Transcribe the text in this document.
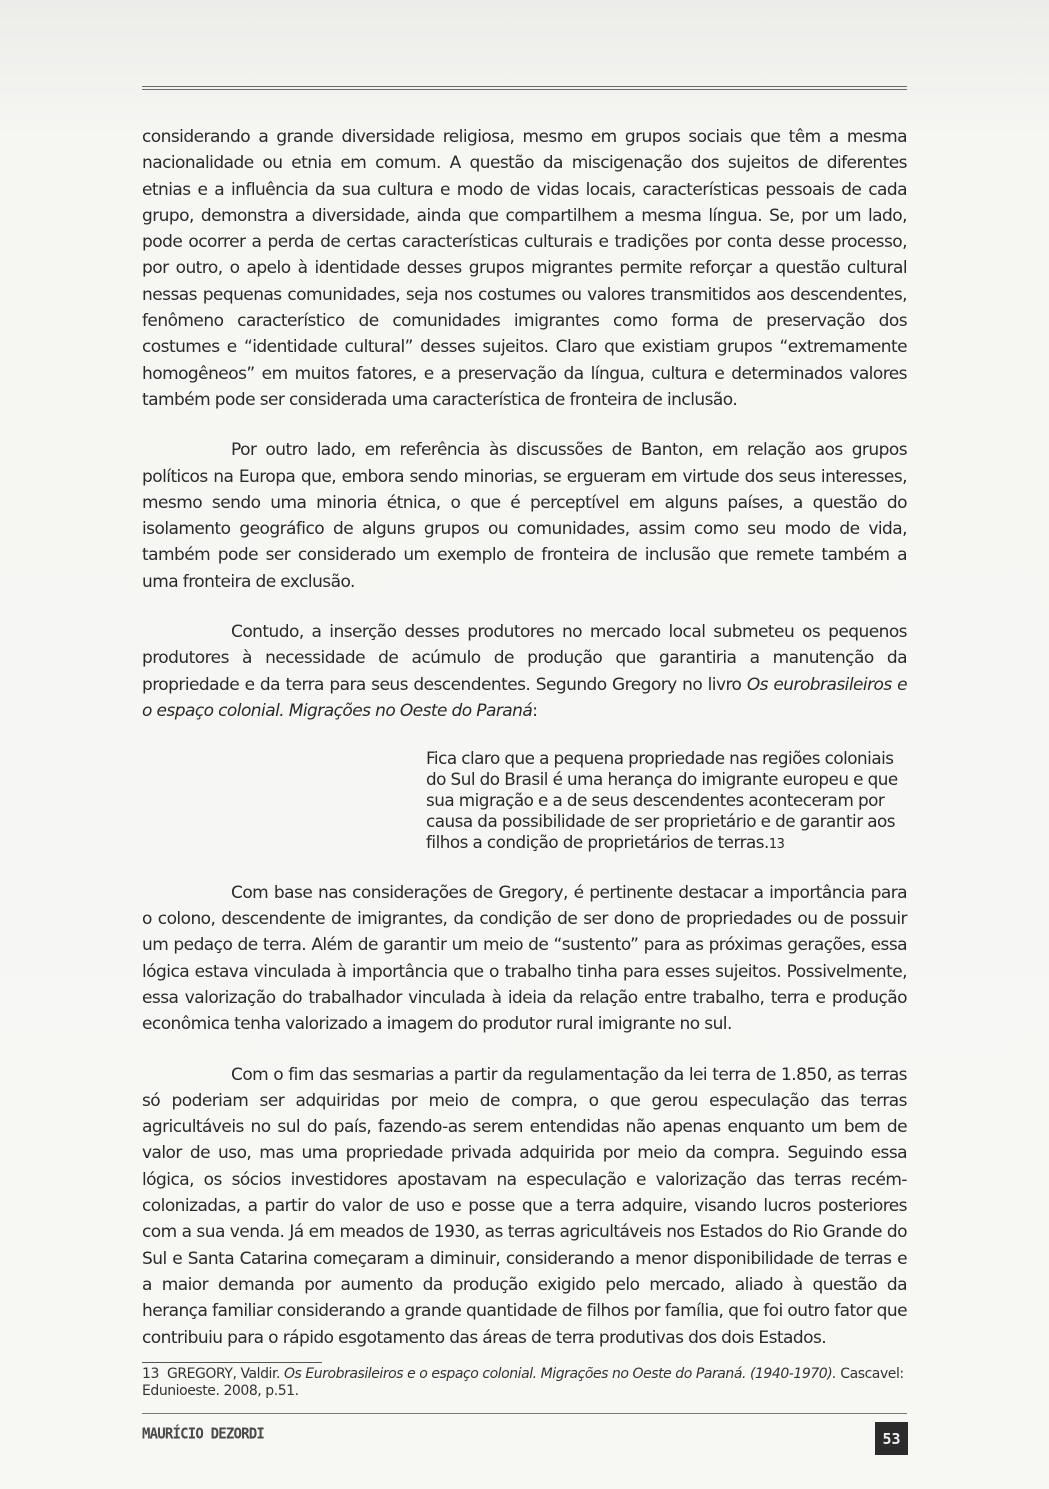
considerando a grande diversidade religiosa, mesmo em grupos sociais que têm a mesma nacionalidade ou etnia em comum. A questão da miscigenação dos sujeitos de diferentes etnias e a influência da sua cultura e modo de vidas locais, características pessoais de cada grupo, demonstra a diversidade, ainda que compartilhem a mesma língua. Se, por um lado, pode ocorrer a perda de certas características culturais e tradições por conta desse processo, por outro, o apelo à identidade desses grupos migrantes permite reforçar a questão cultural nessas pequenas comunidades, seja nos costumes ou valores transmitidos aos descendentes, fenômeno característico de comunidades imigrantes como forma de preservação dos costumes e “identidade cultural” desses sujeitos. Claro que existiam grupos “extremamente homogêneos” em muitos fatores, e a preservação da língua, cultura e determinados valores também pode ser considerada uma característica de fronteira de inclusão.

Por outro lado, em referência às discussões de Banton, em relação aos grupos políticos na Europa que, embora sendo minorias, se ergueram em virtude dos seus interesses, mesmo sendo uma minoria étnica, o que é perceptível em alguns países, a questão do isolamento geográfico de alguns grupos ou comunidades, assim como seu modo de vida, também pode ser considerado um exemplo de fronteira de inclusão que remete também a uma fronteira de exclusão.

Contudo, a inserção desses produtores no mercado local submeteu os pequenos produtores à necessidade de acúmulo de produção que garantiria a manutenção da propriedade e da terra para seus descendentes. Segundo Gregory no livro Os eurobrasileiros e o espaço colonial. Migrações no Oeste do Paraná:

Fica claro que a pequena propriedade nas regiões coloniais do Sul do Brasil é uma herança do imigrante europeu e que sua migração e a de seus descendentes aconteceram por causa da possibilidade de ser proprietário e de garantir aos filhos a condição de proprietários de terras.13

Com base nas considerações de Gregory, é pertinente destacar a importância para o colono, descendente de imigrantes, da condição de ser dono de propriedades ou de possuir um pedaço de terra. Além de garantir um meio de “sustento” para as próximas gerações, essa lógica estava vinculada à importância que o trabalho tinha para esses sujeitos. Possivelmente, essa valorização do trabalhador vinculada à ideia da relação entre trabalho, terra e produção econômica tenha valorizado a imagem do produtor rural imigrante no sul.

Com o fim das sesmarias a partir da regulamentação da lei terra de 1.850, as terras só poderiam ser adquiridas por meio de compra, o que gerou especulação das terras agricultáveis no sul do país, fazendo-as serem entendidas não apenas enquanto um bem de valor de uso, mas uma propriedade privada adquirida por meio da compra. Seguindo essa lógica, os sócios investidores apostavam na especulação e valorização das terras recém-colonizadas, a partir do valor de uso e posse que a terra adquire, visando lucros posteriores com a sua venda. Já em meados de 1930, as terras agricultáveis nos Estados do Rio Grande do Sul e Santa Catarina começaram a diminuir, considerando a menor disponibilidade de terras e a maior demanda por aumento da produção exigido pelo mercado, aliado à questão da herança familiar considerando a grande quantidade de filhos por família, que foi outro fator que contribuiu para o rápido esgotamento das áreas de terra produtivas dos dois Estados.

13 GREGORY, Valdir. Os Eurobrasileiros e o espaço colonial. Migrações no Oeste do Paraná. (1940-1970). Cascavel: Edunioeste. 2008, p.51.
MAURÍCIO DEZORDI	53
